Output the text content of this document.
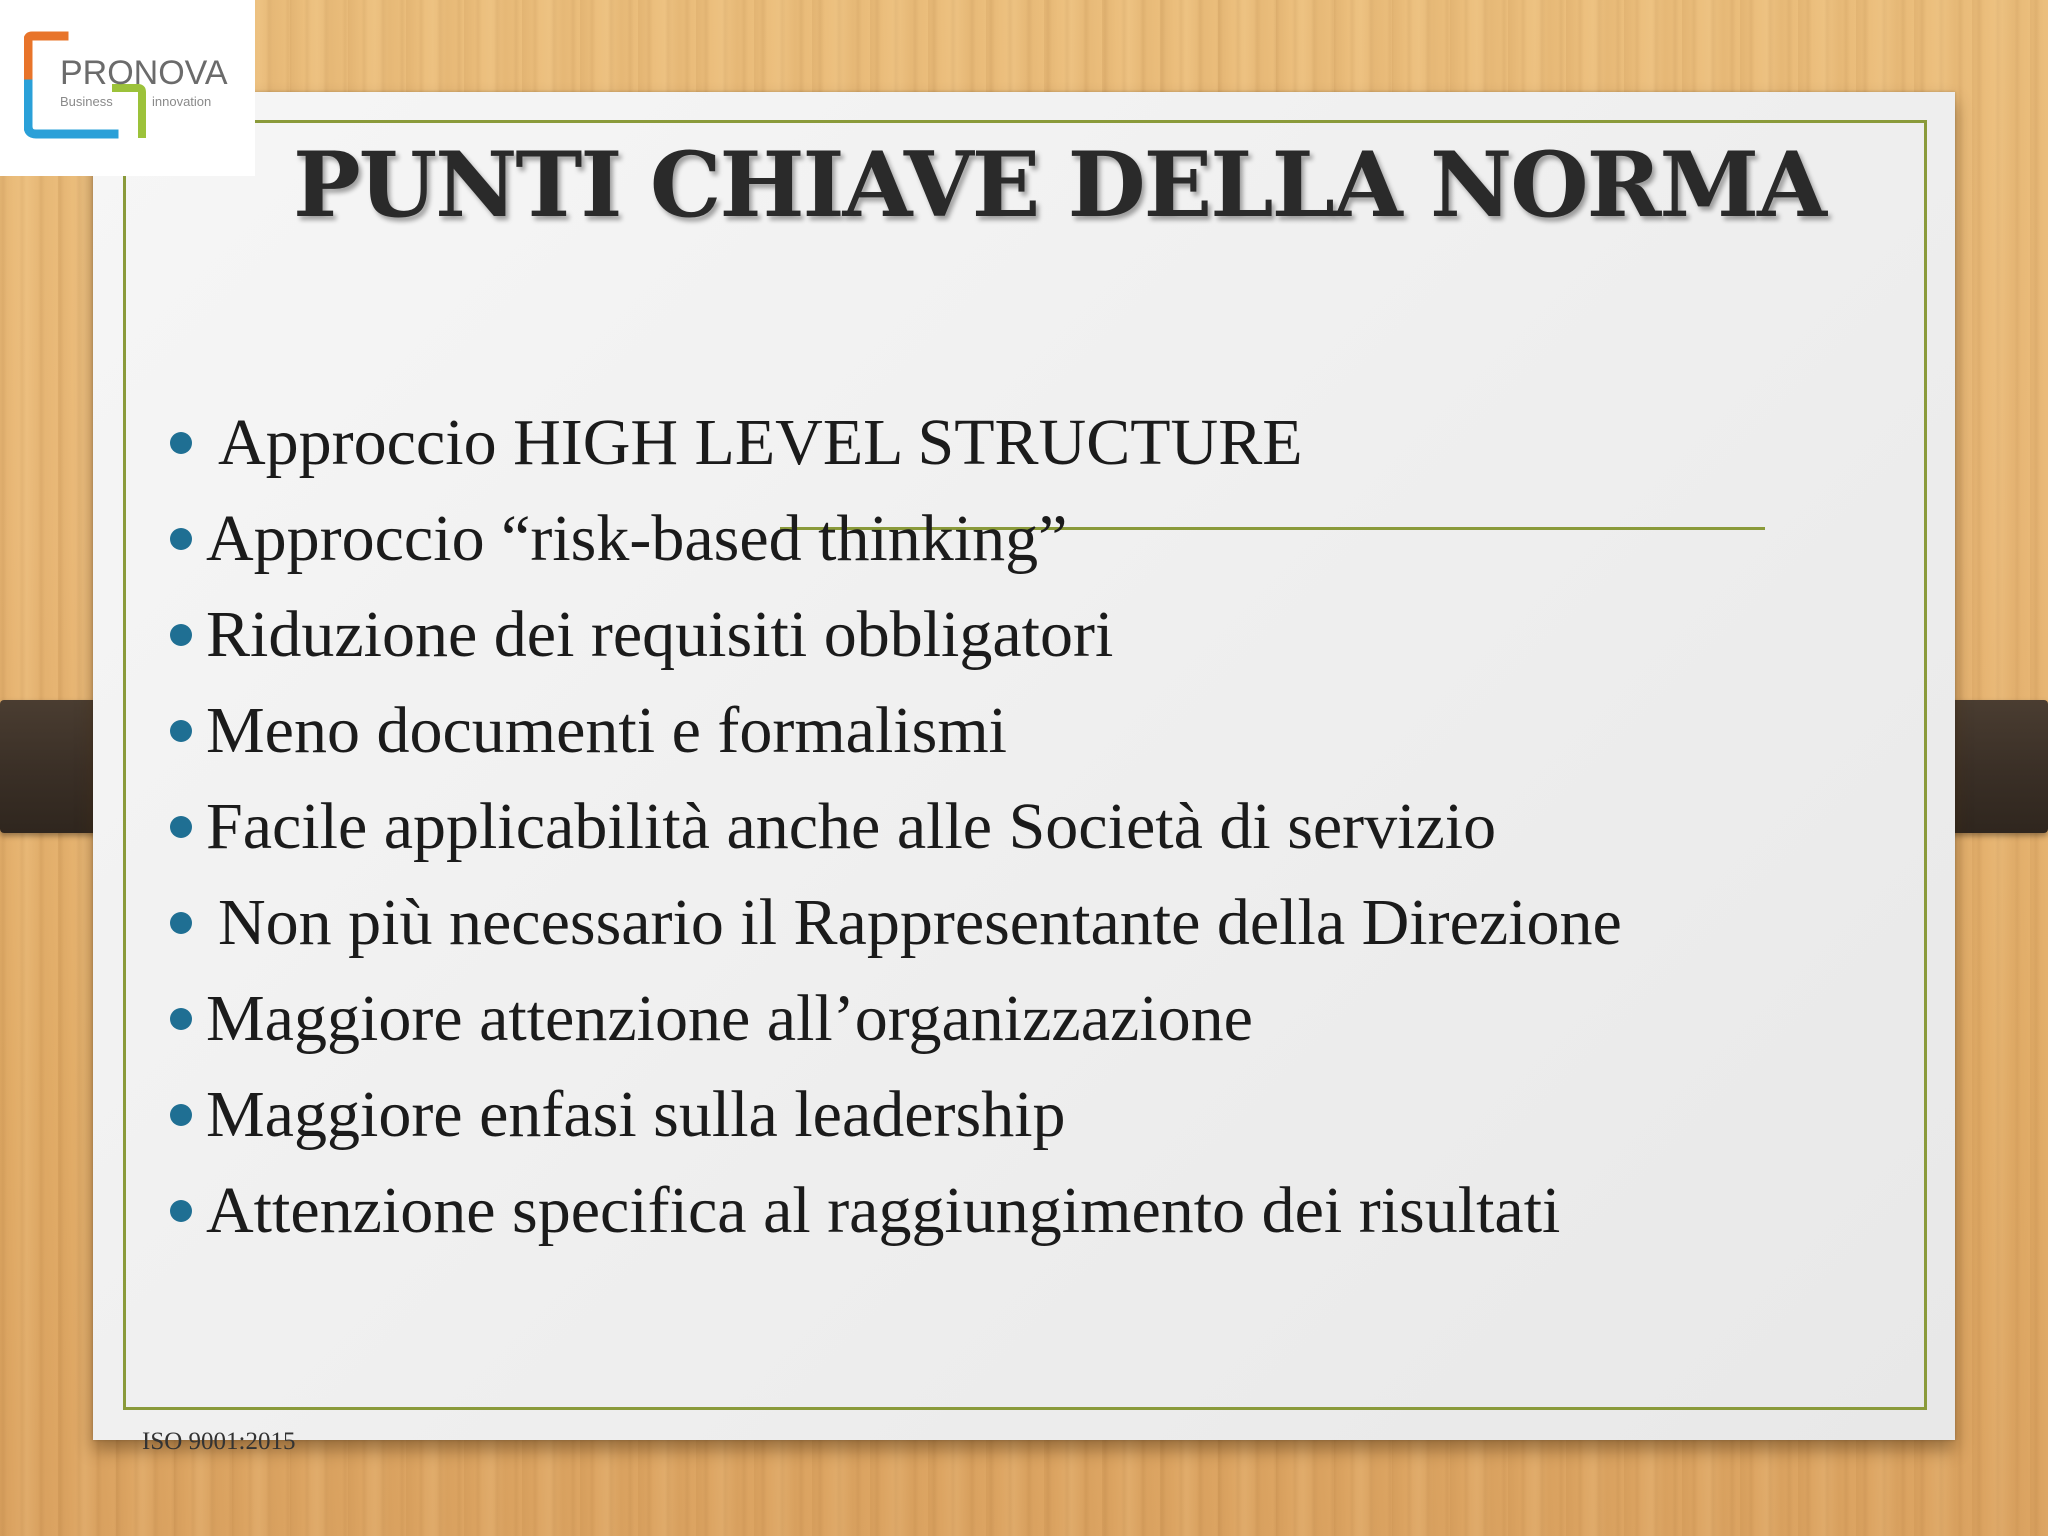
PRONOVA
Business	innovation
PUNTI CHIAVE DELLA NORMA
Approccio HIGH LEVEL STRUCTURE
Approccio “risk-based thinking”
Riduzione dei requisiti obbligatori
Meno documenti e formalismi
Facile applicabilità anche alle Società di servizio
Non più necessario il Rappresentante della Direzione
Maggiore attenzione all’organizzazione
Maggiore enfasi sulla leadership
Attenzione specifica al raggiungimento dei risultati
ISO 9001:2015
